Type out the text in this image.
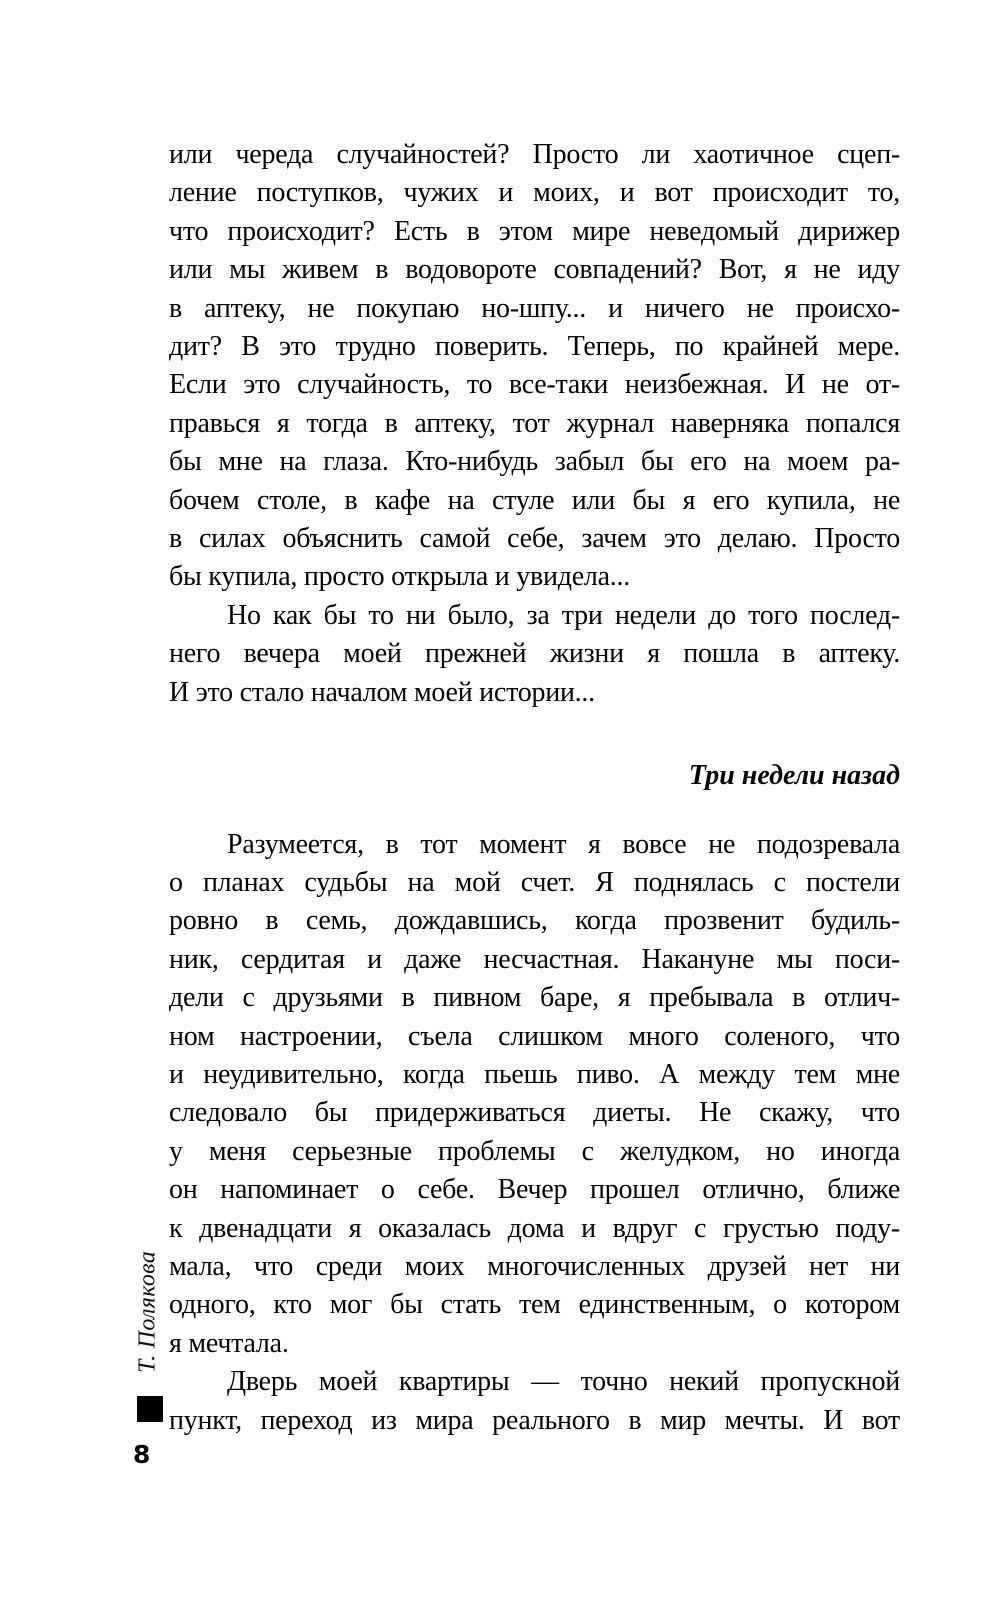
Т. Полякова
8
или череда случайностей? Просто ли хаотичное сцеп-
ление поступков, чужих и моих, и вот происходит то,
что происходит? Есть в этом мире неведомый дирижер
или мы живем в водовороте совпадений? Вот, я не иду
в аптеку, не покупаю но-шпу... и ничего не происхо-
дит? В это трудно поверить. Теперь, по крайней мере.
Если это случайность, то все-таки неизбежная. И не от-
правься я тогда в аптеку, тот журнал наверняка попался
бы мне на глаза. Кто-нибудь забыл бы его на моем ра-
бочем столе, в кафе на стуле или бы я его купила, не
в силах объяснить самой себе, зачем это делаю. Просто
бы купила, просто открыла и увидела...
Но как бы то ни было, за три недели до того послед-
него вечера моей прежней жизни я пошла в аптеку.
И это стало началом моей истории...
Три недели назад
Разумеется, в тот момент я вовсе не подозревала
о планах судьбы на мой счет. Я поднялась с постели
ровно в семь, дождавшись, когда прозвенит будиль-
ник, сердитая и даже несчастная. Накануне мы поси-
дели с друзьями в пивном баре, я пребывала в отлич-
ном настроении, съела слишком много соленого, что
и неудивительно, когда пьешь пиво. А между тем мне
следовало бы придерживаться диеты. Не скажу, что
у меня серьезные проблемы с желудком, но иногда
он напоминает о себе. Вечер прошел отлично, ближе
к двенадцати я оказалась дома и вдруг с грустью поду-
мала, что среди моих многочисленных друзей нет ни
одного, кто мог бы стать тем единственным, о котором
я мечтала.
Дверь моей квартиры — точно некий пропускной
пункт, переход из мира реального в мир мечты. И вот
